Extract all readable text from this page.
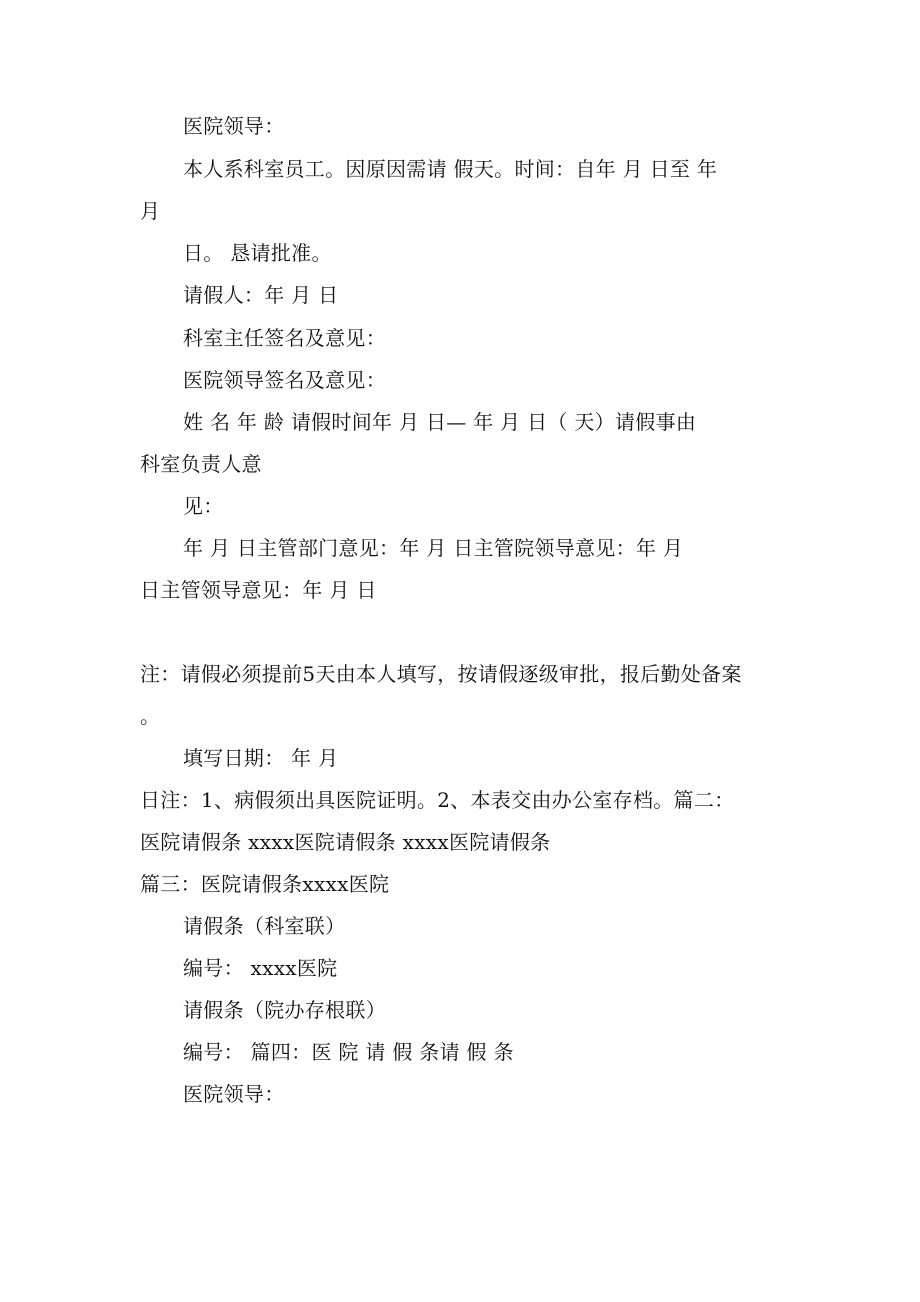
医院领导：
本人系科室员工。因原因需请 假天。时间：自年 月 日至 年
月
日。 恳请批准。
请假人：年 月 日
科室主任签名及意见：
医院领导签名及意见：
姓 名 年 龄 请假时间年 月 日— 年 月 日（ 天）请假事由
科室负责人意
见：
年 月 日主管部门意见：年 月 日主管院领导意见：年 月
日主管领导意见：年 月 日
注：请假必须提前5天由本人填写，按请假逐级审批，报后勤处备案
。
填写日期： 年 月
日注：1、病假须出具医院证明。2、本表交由办公室存档。篇二：
医院请假条 xxxx医院请假条 xxxx医院请假条
篇三：医院请假条xxxx医院
请假条（科室联）
编号： xxxx医院
请假条（院办存根联）
编号： 篇四：医 院 请 假 条请 假 条
医院领导：
